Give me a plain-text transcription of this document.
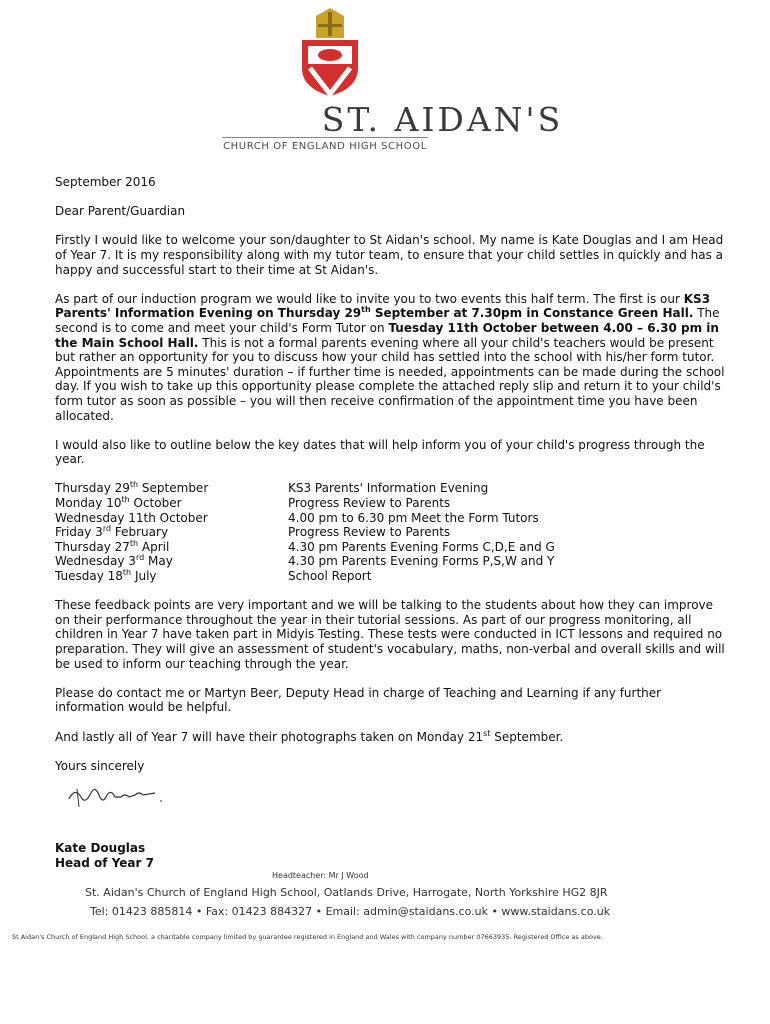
ST. AIDAN'S
CHURCH OF ENGLAND HIGH SCHOOL

September 2016

Dear Parent/Guardian

Firstly I would like to welcome your son/daughter to St Aidan's school. My name is Kate Douglas and I am Head of Year 7. It is my responsibility along with my tutor team, to ensure that your child settles in quickly and has a happy and successful start to their time at St Aidan's.

As part of our induction program we would like to invite you to two events this half term. The first is our KS3 Parents' Information Evening on Thursday 29th September at 7.30pm in Constance Green Hall. The second is to come and meet your child's Form Tutor on Tuesday 11th October between 4.00 – 6.30 pm in the Main School Hall. This is not a formal parents evening where all your child's teachers would be present but rather an opportunity for you to discuss how your child has settled into the school with his/her form tutor. Appointments are 5 minutes' duration – if further time is needed, appointments can be made during the school day. If you wish to take up this opportunity please complete the attached reply slip and return it to your child's form tutor as soon as possible – you will then receive confirmation of the appointment time you have been allocated.

I would also like to outline below the key dates that will help inform you of your child's progress through the year.

Thursday 29th September	KS3 Parents' Information Evening
Monday 10th October	Progress Review to Parents
Wednesday 11th October	4.00 pm to 6.30 pm Meet the Form Tutors
Friday 3rd February	Progress Review to Parents
Thursday 27th April	4.30 pm Parents Evening Forms C,D,E and G
Wednesday 3rd May	4.30 pm Parents Evening Forms P,S,W and Y
Tuesday 18th July	School Report

These feedback points are very important and we will be talking to the students about how they can improve on their performance throughout the year in their tutorial sessions. As part of our progress monitoring, all children in Year 7 have taken part in Midyis Testing. These tests were conducted in ICT lessons and required no preparation. They will give an assessment of student's vocabulary, maths, non-verbal and overall skills and will be used to inform our teaching through the year.

Please do contact me or Martyn Beer, Deputy Head in charge of Teaching and Learning if any further information would be helpful.

And lastly all of Year 7 will have their photographs taken on Monday 21st September.

Yours sincerely

Kate Douglas
Head of Year 7
Headteacher: Mr J Wood
St. Aidan's Church of England High School, Oatlands Drive, Harrogate, North Yorkshire HG2 8JR
Tel: 01423 885814 • Fax: 01423 884327 • Email: admin@staidans.co.uk • www.staidans.co.uk
St Aidan's Church of England High School, a charitable company limited by guarantee registered in England and Wales with company number 07663935. Registered Office as above.
